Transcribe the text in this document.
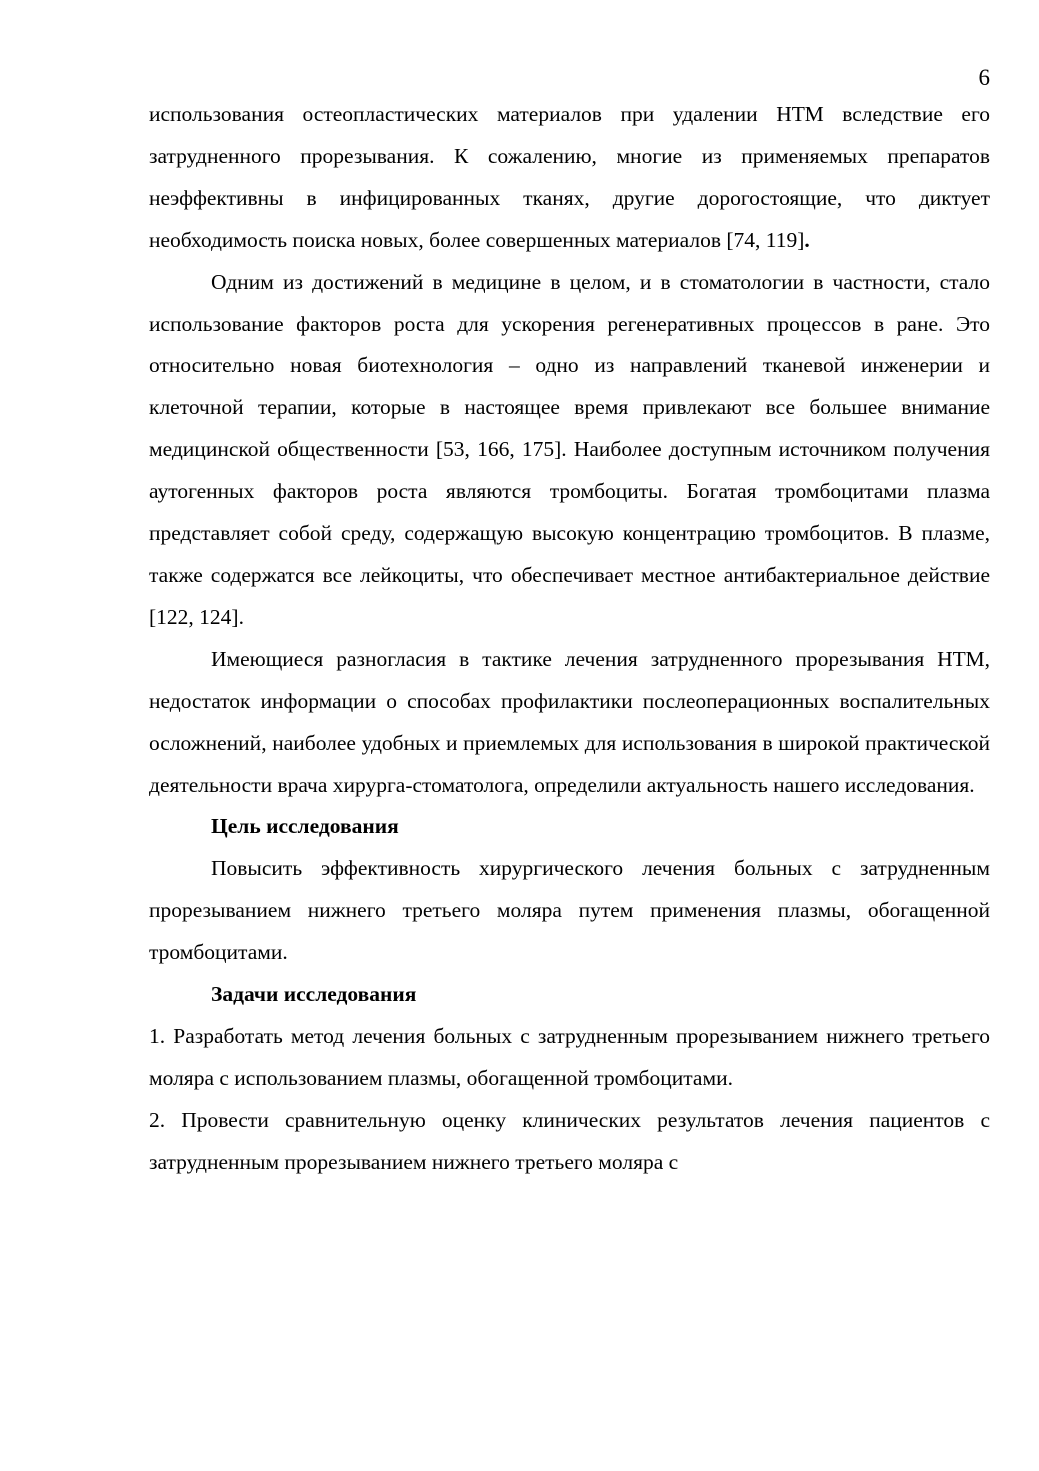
6

использования остеопластических материалов при удалении НТМ вследствие его затрудненного прорезывания. К сожалению, многие из применяемых препаратов неэффективны в инфицированных тканях, другие дорогостоящие, что диктует необходимость поиска новых, более совершенных материалов [74, 119].

Одним из достижений в медицине в целом, и в стоматологии в частности, стало использование факторов роста для ускорения регенеративных процессов в ране. Это относительно новая биотехнология – одно из направлений тканевой инженерии и клеточной терапии, которые в настоящее время привлекают все большее внимание медицинской общественности [53, 166, 175]. Наиболее доступным источником получения аутогенных факторов роста являются тромбоциты. Богатая тромбоцитами плазма представляет собой среду, содержащую высокую концентрацию тромбоцитов. В плазме, также содержатся все лейкоциты, что обеспечивает местное антибактериальное действие [122, 124].

Имеющиеся разногласия в тактике лечения затрудненного прорезывания НТМ, недостаток информации о способах профилактики послеоперационных воспалительных осложнений, наиболее удобных и приемлемых для использования в широкой практической деятельности врача хирурга-стоматолога, определили актуальность нашего исследования.

Цель исследования

Повысить эффективность хирургического лечения больных с затрудненным прорезыванием нижнего третьего моляра путем применения плазмы, обогащенной тромбоцитами.

Задачи исследования

1. Разработать метод лечения больных с затрудненным прорезыванием нижнего третьего моляра с использованием плазмы, обогащенной тромбоцитами.

2. Провести сравнительную оценку клинических результатов лечения пациентов с затрудненным прорезыванием нижнего третьего моляра с
